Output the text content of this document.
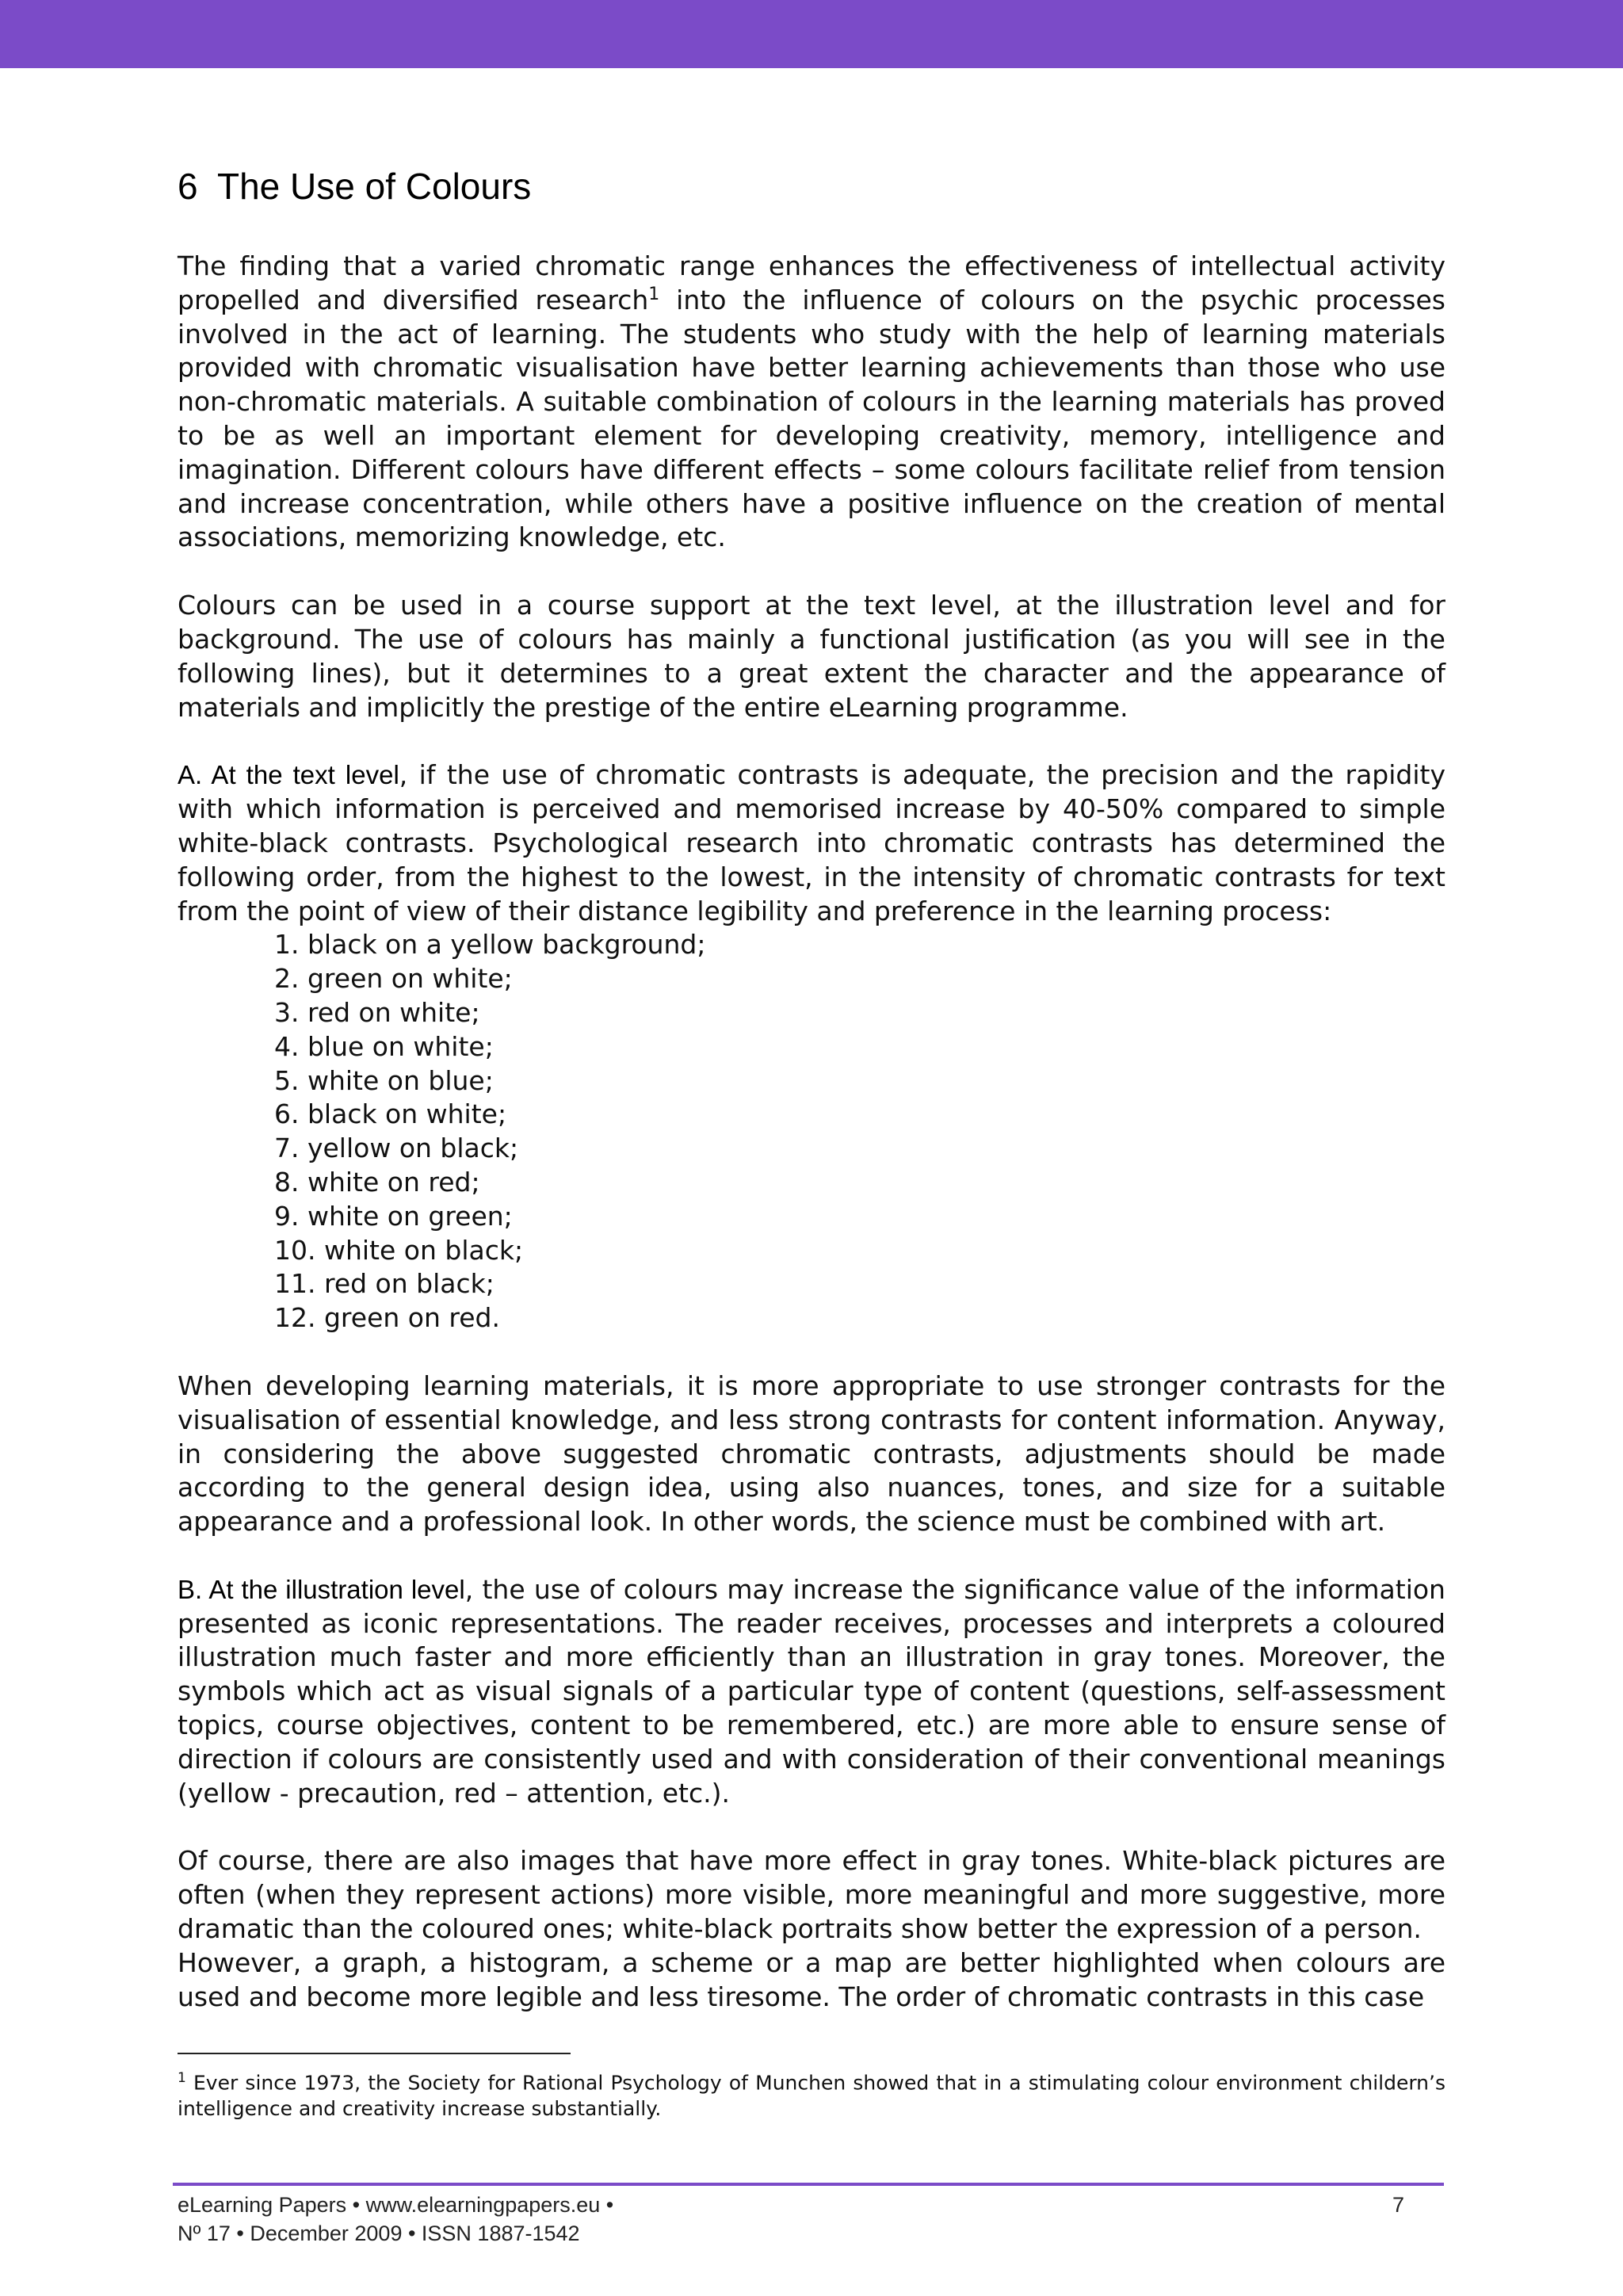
6 The Use of Colours

The finding that a varied chromatic range enhances the effectiveness of intellectual activity propelled and diversified research$^1$ into the influence of colours on the psychic processes involved in the act of learning. The students who study with the help of learning materials provided with chromatic visualisation have better learning achievements than those who use non-chromatic materials. A suitable combination of colours in the learning materials has proved to be as well an important element for developing creativity, memory, intelligence and imagination. Different colours have different effects – some colours facilitate relief from tension and increase concentration, while others have a positive influence on the creation of mental associations, memorizing knowledge, etc.

Colours can be used in a course support at the text level, at the illustration level and for background. The use of colours has mainly a functional justification (as you will see in the following lines), but it determines to a great extent the character and the appearance of materials and implicitly the prestige of the entire eLearning programme.

A. At the text level, if the use of chromatic contrasts is adequate, the precision and the rapidity with which information is perceived and memorised increase by 40-50% compared to simple white-black contrasts. Psychological research into chromatic contrasts has determined the following order, from the highest to the lowest, in the intensity of chromatic contrasts for text from the point of view of their distance legibility and preference in the learning process:

1. black on a yellow background;
2. green on white;
3. red on white;
4. blue on white;
5. white on blue;
6. black on white;
7. yellow on black;
8. white on red;
9. white on green;
10. white on black;
11. red on black;
12. green on red.

When developing learning materials, it is more appropriate to use stronger contrasts for the visualisation of essential knowledge, and less strong contrasts for content information. Anyway, in considering the above suggested chromatic contrasts, adjustments should be made according to the general design idea, using also nuances, tones, and size for a suitable appearance and a professional look. In other words, the science must be combined with art.

B. At the illustration level, the use of colours may increase the significance value of the information presented as iconic representations. The reader receives, processes and interprets a coloured illustration much faster and more efficiently than an illustration in gray tones. Moreover, the symbols which act as visual signals of a particular type of content (questions, self-assessment topics, course objectives, content to be remembered, etc.) are more able to ensure sense of direction if colours are consistently used and with consideration of their conventional meanings (yellow - precaution, red – attention, etc.).

Of course, there are also images that have more effect in gray tones. White-black pictures are often (when they represent actions) more visible, more meaningful and more suggestive, more dramatic than the coloured ones; white-black portraits show better the expression of a person.

However, a graph, a histogram, a scheme or a map are better highlighted when colours are used and become more legible and less tiresome. The order of chromatic contrasts in this case

$^1$ Ever since 1973, the Society for Rational Psychology of Munchen showed that in a stimulating colour environment childern’s intelligence and creativity increase substantially.
eLearning Papers • www.elearningpapers.eu •
Nº 17 • December 2009 • ISSN 1887-1542
7
